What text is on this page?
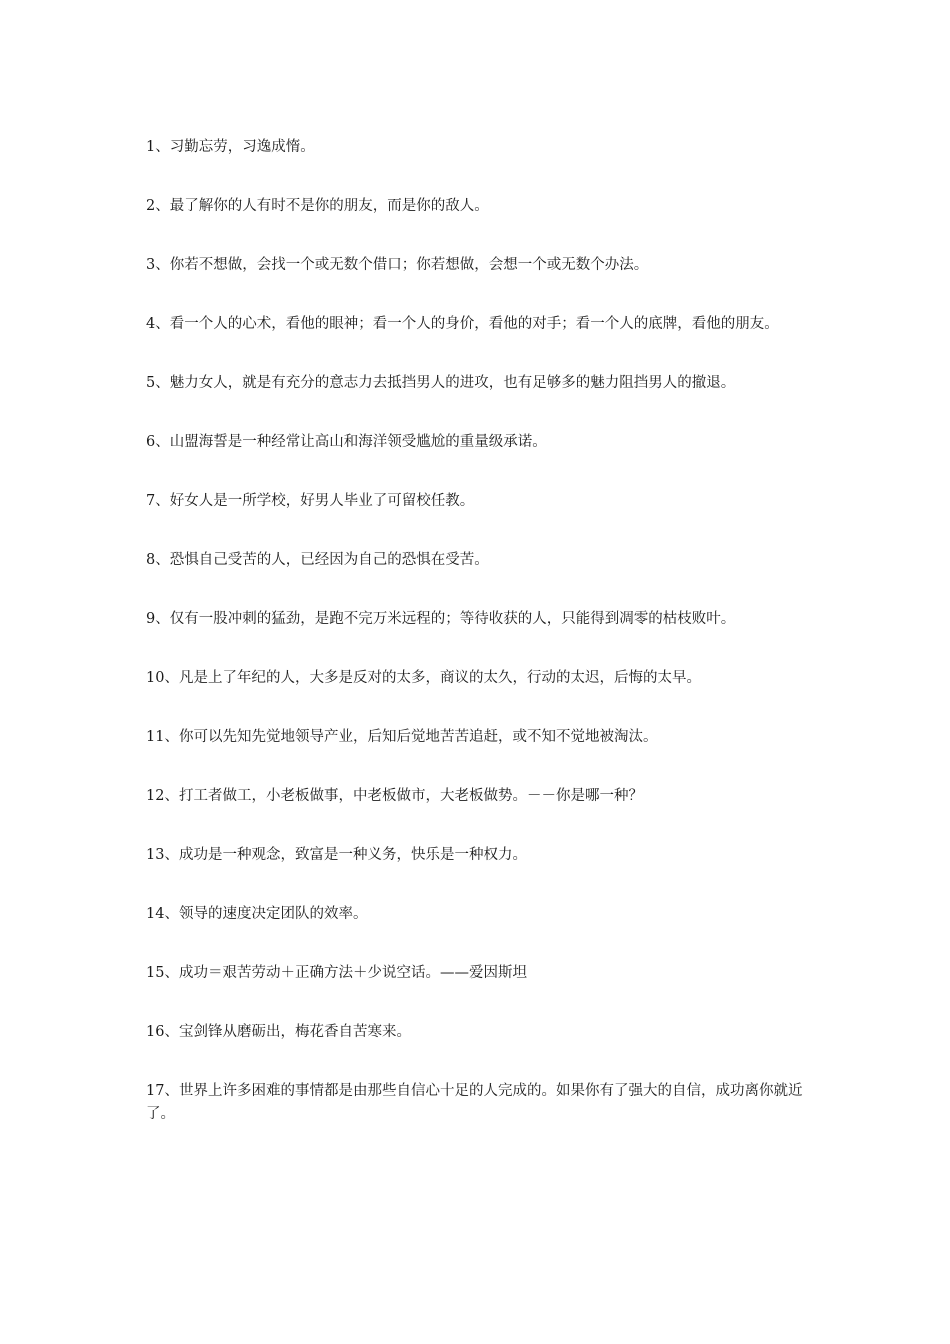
1、习勤忘劳，习逸成惰。
2、最了解你的人有时不是你的朋友，而是你的敌人。
3、你若不想做，会找一个或无数个借口；你若想做，会想一个或无数个办法。
4、看一个人的心术，看他的眼神；看一个人的身价，看他的对手；看一个人的底牌，看他的朋友。
5、魅力女人，就是有充分的意志力去抵挡男人的进攻，也有足够多的魅力阻挡男人的撤退。
6、山盟海誓是一种经常让高山和海洋领受尴尬的重量级承诺。
7、好女人是一所学校，好男人毕业了可留校任教。
8、恐惧自己受苦的人，已经因为自己的恐惧在受苦。
9、仅有一股冲刺的猛劲，是跑不完万米远程的；等待收获的人，只能得到凋零的枯枝败叶。
10、凡是上了年纪的人，大多是反对的太多，商议的太久，行动的太迟，后悔的太早。
11、你可以先知先觉地领导产业，后知后觉地苦苦追赶，或不知不觉地被淘汰。
12、打工者做工，小老板做事，中老板做市，大老板做势。－－你是哪一种？
13、成功是一种观念，致富是一种义务，快乐是一种权力。
14、领导的速度决定团队的效率。
15、成功＝艰苦劳动＋正确方法＋少说空话。——爱因斯坦
16、宝剑锋从磨砺出，梅花香自苦寒来。
17、世界上许多困难的事情都是由那些自信心十足的人完成的。如果你有了强大的自信，成功离你就近了。
